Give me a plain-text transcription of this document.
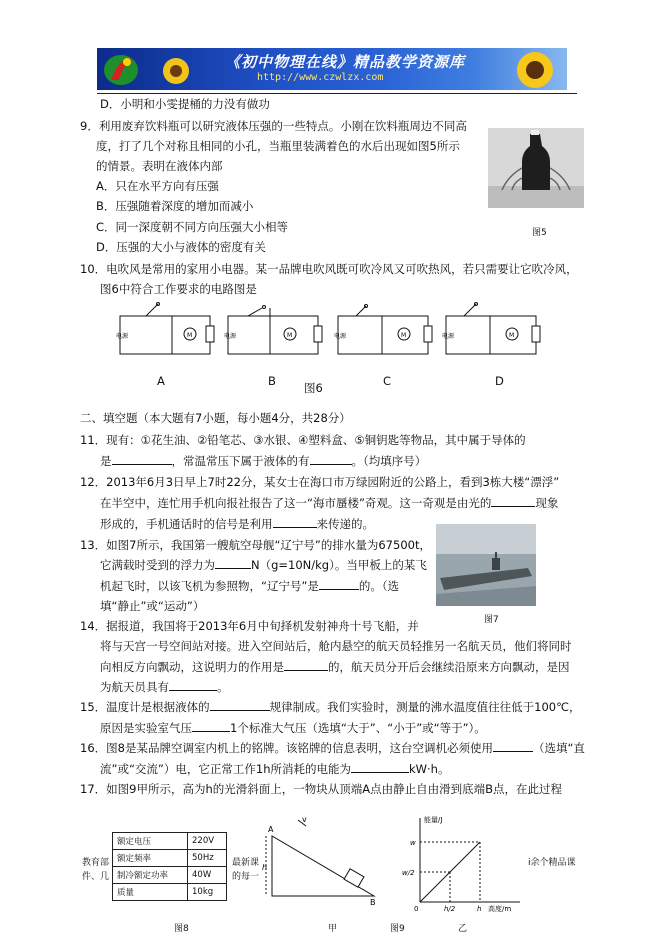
《初中物理在线》精品教学资源库
http://www.czwlzx.com
D．小明和小雯提桶的力没有做功
9．利用废弃饮料瓶可以研究液体压强的一些特点。小刚在饮料瓶周边不同高
度，打了几个对称且相同的小孔，当瓶里装满着色的水后出现如图5所示
的情景。表明在液体内部
A．只在水平方向有压强
B．压强随着深度的增加而减小
C．同一深度朝不同方向压强大小相等
D．压强的大小与液体的密度有关
图5
10．电吹风是常用的家用小电器。某一品牌电吹风既可吹冷风又可吹热风，若只需要让它吹冷风，
图6中符合工作要求的电路图是
电源	M	电源	M	电源	M	电源	M
A	B	C	D
图6
二、填空题（本大题有7小题，每小题4分，共28分）
11．现有：①花生油、②铅笔芯、③水银、④塑料盒、⑤铜钥匙等物品，其中属于导体的
是	，常温常压下属于液体的有	。（均填序号）
12．2013年6月3日早上7时22分，某女士在海口市万绿园附近的公路上，看到3栋大楼“漂浮”
在半空中，连忙用手机向报社报告了这一“海市蜃楼”奇观。这一奇观是由光的	现象
形成的，手机通话时的信号是利用	来传递的。
13．如图7所示，我国第一艘航空母舰“辽宁号”的排水量为67500t，
它满载时受到的浮力为	N（g=10N/kg）。当甲板上的某飞
机起飞时，以该飞机为参照物，“辽宁号”是	的。（选
填“静止”或“运动”）
图7
14．据报道，我国将于2013年6月中旬择机发射神舟十号飞船，并
将与天宫一号空间站对接。进入空间站后，舱内悬空的航天员轻推另一名航天员，他们将同时
向相反方向飘动，这说明力的作用是	的，航天员分开后会继续沿原来方向飘动，是因
为航天员具有	。
15．温度计是根据液体的	规律制成。我们实验时，测量的沸水温度值往往低于100℃，
原因是实验室气压	1个标准大气压（选填“大于”、“小于”或“等于”）。
16．图8是某品牌空调室内机上的铭牌。该铭牌的信息表明，这台空调机必须使用	（选填“直
流”或“交流”）电，它正常工作1h所消耗的电能为	kW·h。
17．如图9甲所示，高为h的光滑斜面上，一物块从顶端A点由静止自由滑到底端B点，在此过程
教育部
件、几
最新课
的每一
i余个精品课
额定电压	220V
额定频率	50Hz
制冷额定功率	40W
质量	10kg
图8
A
B
h
v
甲	图9
能量/J
高度/m
w
w/2
0	h/2	h
乙
